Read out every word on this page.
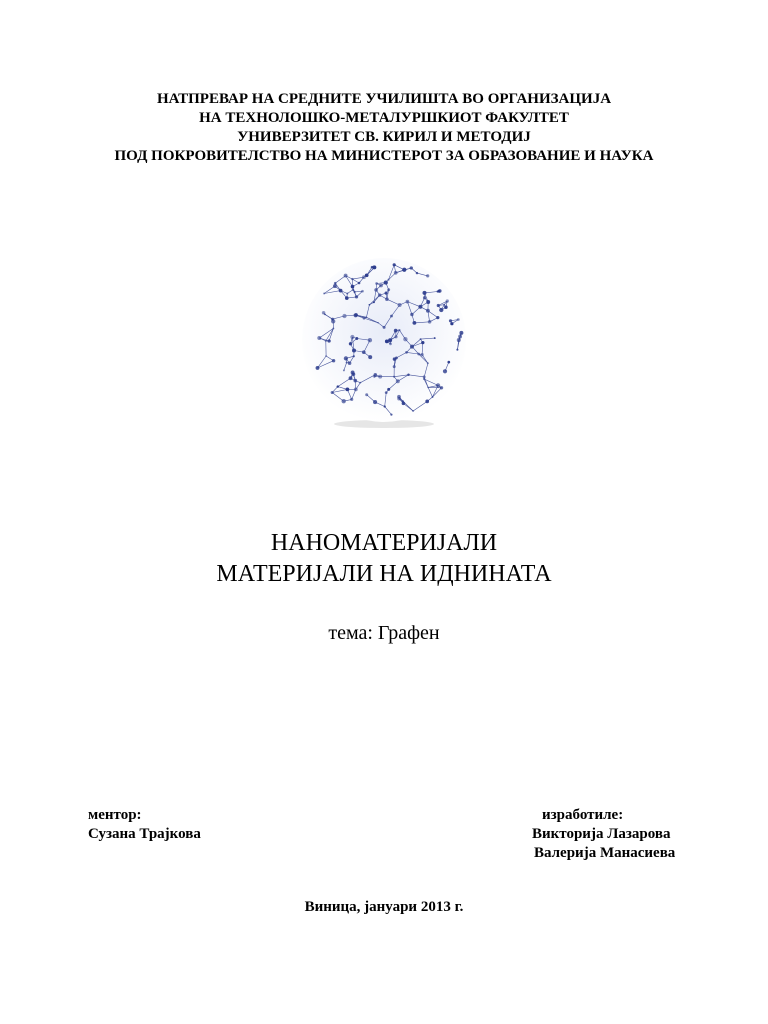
НАТПРЕВАР НА СРЕДНИТЕ УЧИЛИШТА ВО ОРГАНИЗАЦИЈА
НА ТЕХНОЛОШКО-МЕТАЛУРШКИОТ ФАКУЛТЕТ
УНИВЕРЗИТЕТ СВ. КИРИЛ И МЕТОДИЈ
ПОД ПОКРОВИТЕЛСТВО НА МИНИСТЕРОТ ЗА ОБРАЗОВАНИЕ И НАУКА
НАНОМАТЕРИЈАЛИ
МАТЕРИЈАЛИ НА ИДНИНАТА
тема: Графен
ментор:
Сузана Трајкова
изработиле:
Викторија Лазарова
Валерија Манасиева
Виница, јануари 2013 г.
